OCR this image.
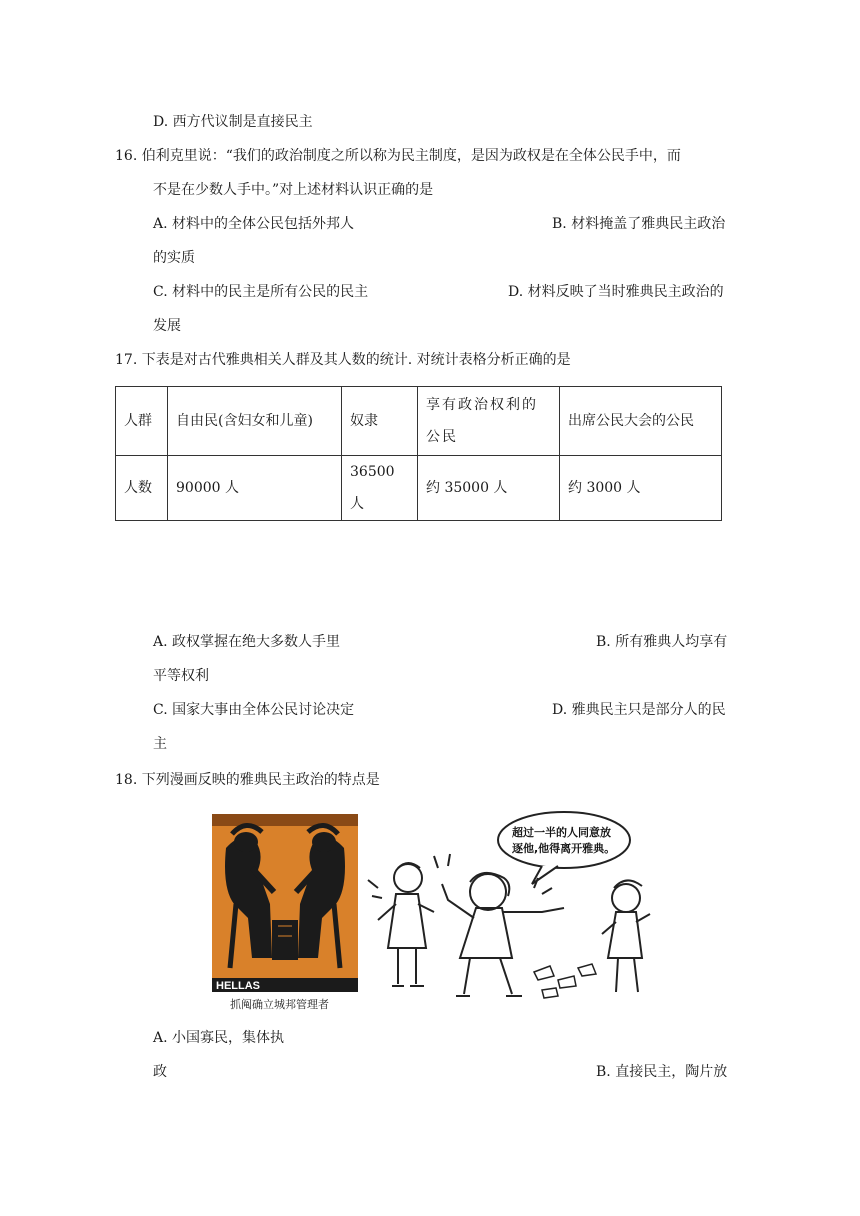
D. 西方代议制是直接民主
16. 伯利克里说：“我们的政治制度之所以称为民主制度，是因为政权是在全体公民手中，而
不是在少数人手中。”对上述材料认识正确的是
A. 材料中的全体公民包括外邦人	B. 材料掩盖了雅典民主政治
的实质
C. 材料中的民主是所有公民的民主	D. 材料反映了当时雅典民主政治的
发展
17. 下表是对古代雅典相关人群及其人数的统计. 对统计表格分析正确的是
人群	自由民(含妇女和儿童)	奴隶	享有政治权利的公民	出席公民大会的公民
人数	90000 人	36500 人	约 35000 人	约 3000 人
A. 政权掌握在绝大多数人手里	B. 所有雅典人均享有
平等权利
C. 国家大事由全体公民讨论决定	D. 雅典民主只是部分人的民
主
18. 下列漫画反映的雅典民主政治的特点是
HELLAS
抓阄确立城邦管理者
超过一半的人同意放
逐他,他得离开雅典。
A. 小国寡民，集体执
政	B. 直接民主，陶片放
